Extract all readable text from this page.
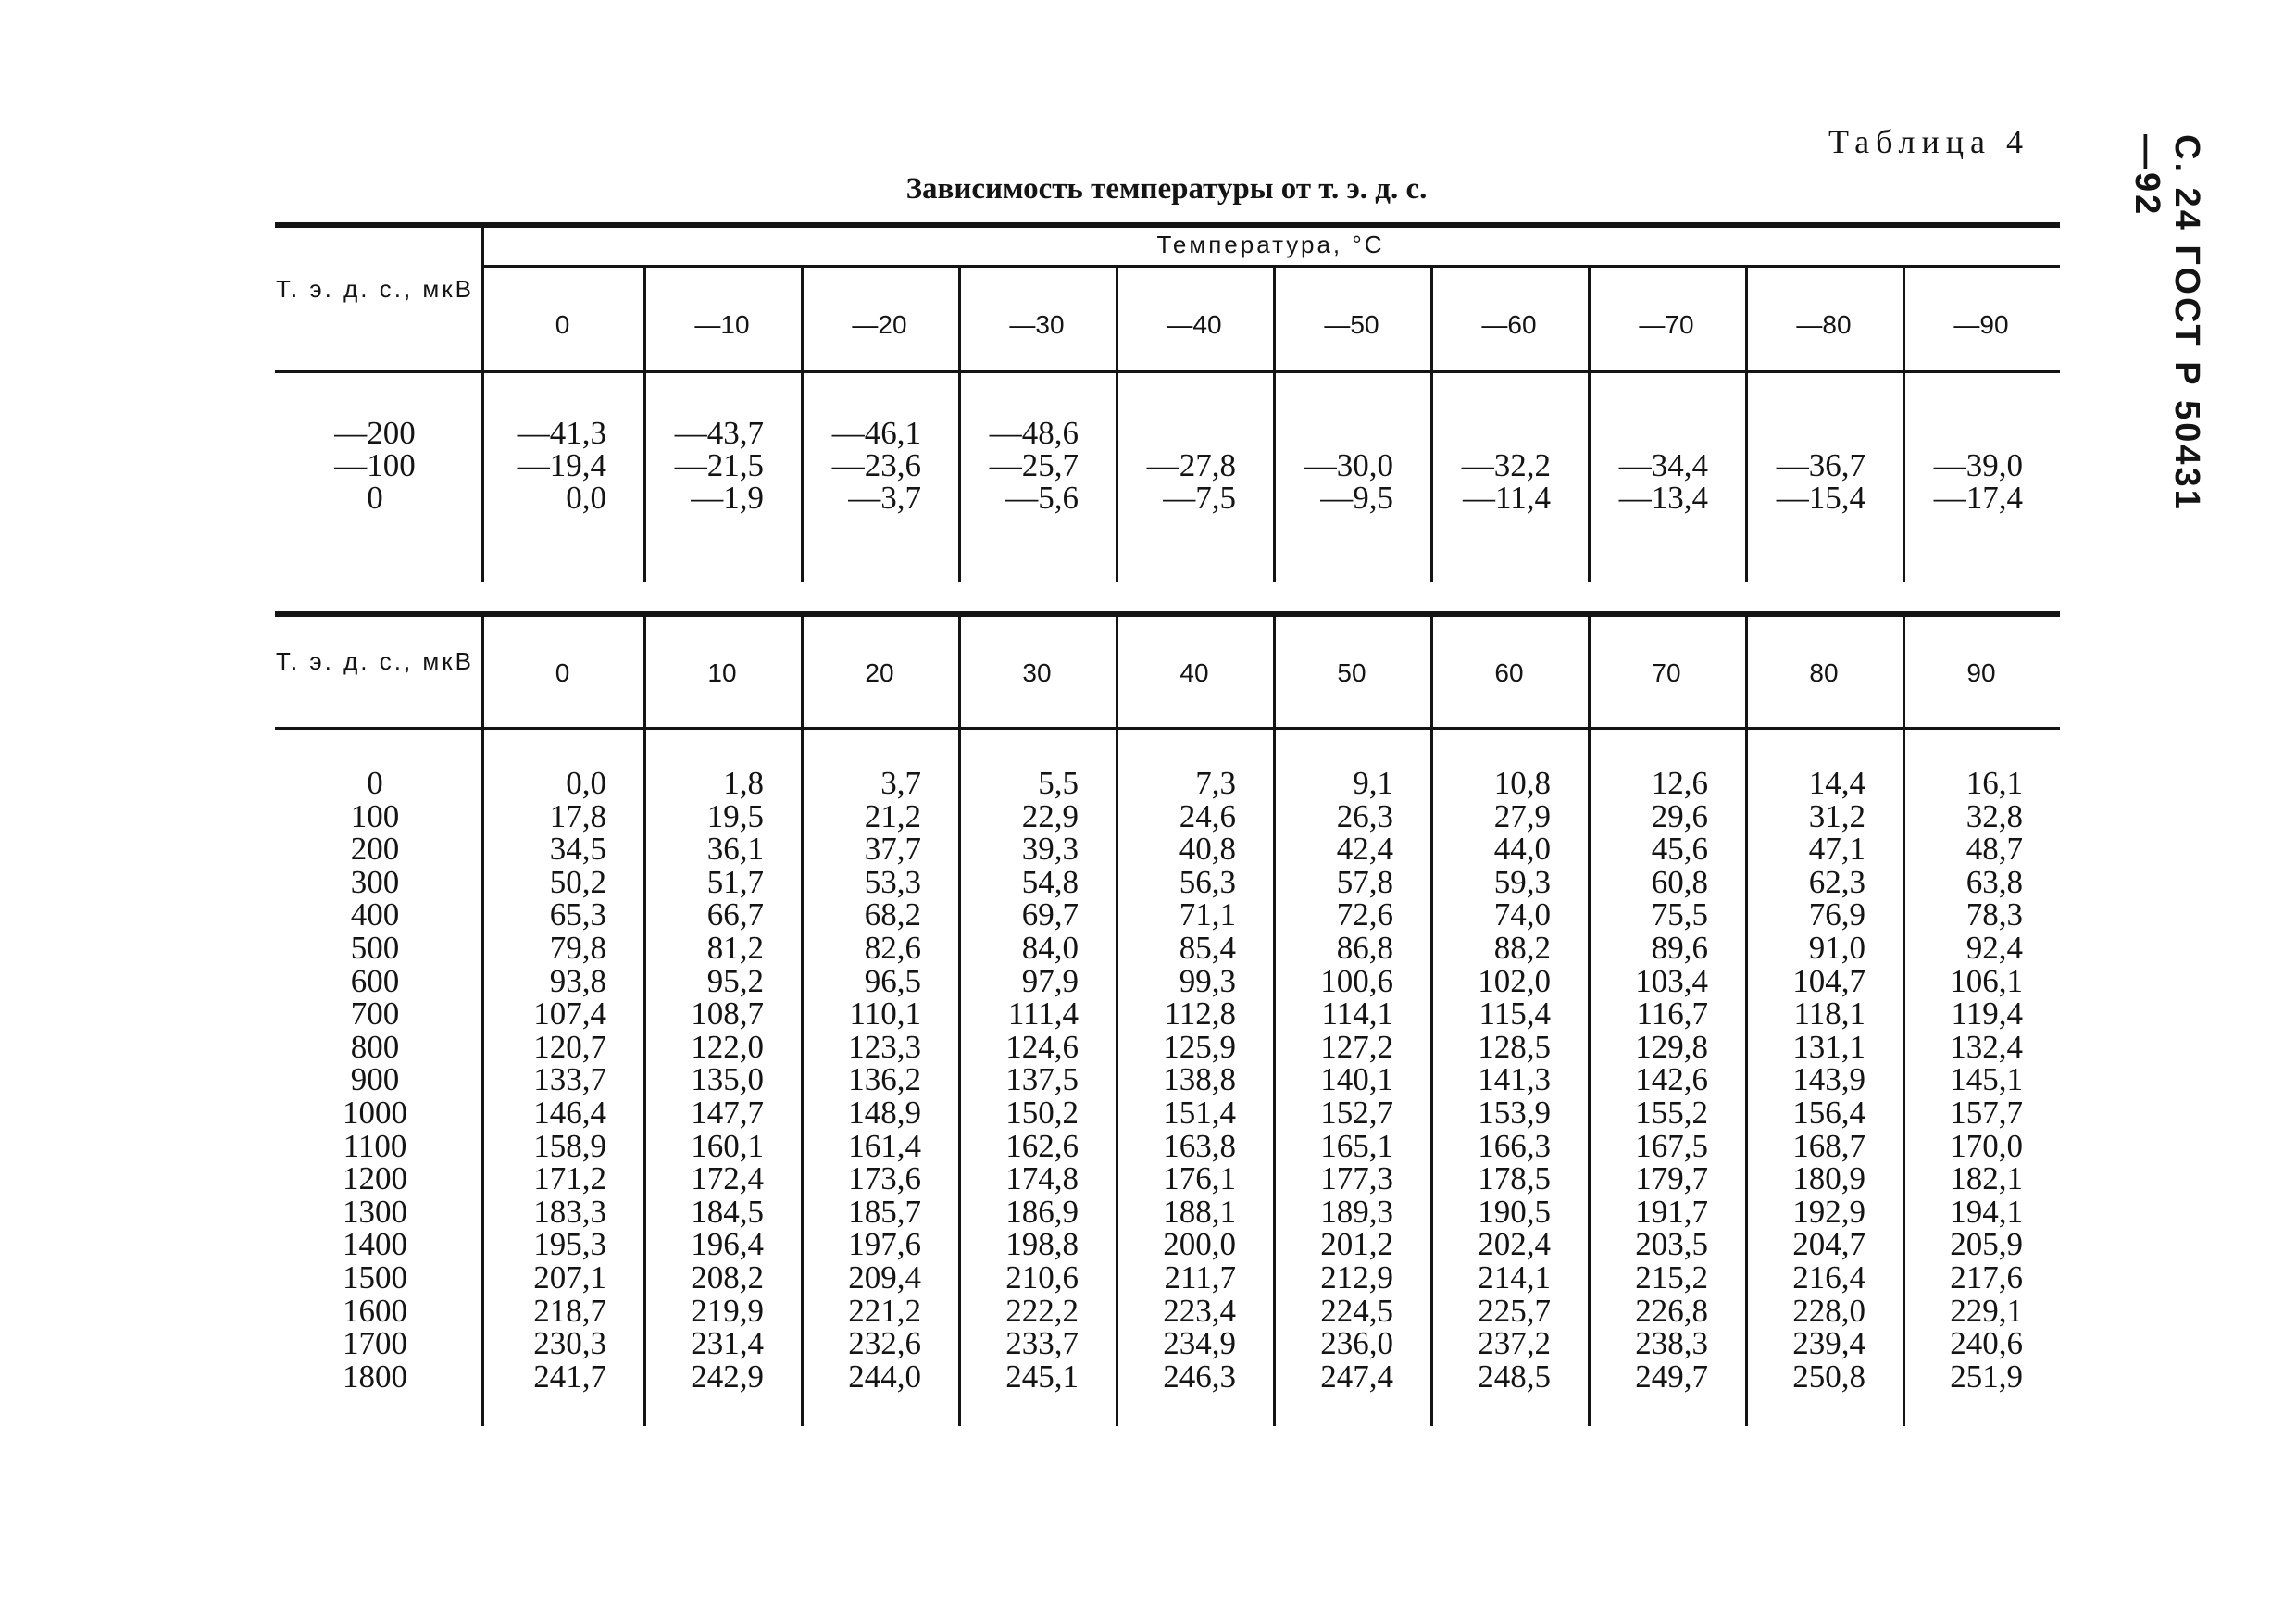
Таблица 4
Зависимость температуры от т. э. д. с.	С. 24 ГОСТ Р 50431—92
Температура, °С
Т. э. д. с., мкВ
0	—10	—20	—30	—40	—50	—60	—70	—80	—90
—200	—41,3	—43,7	—46,1	—48,6
—100	—19,4	—21,5	—23,6	—25,7	—27,8	—30,0	—32,2	—34,4	—36,7	—39,0
0	0,0	—1,9	—3,7	—5,6	—7,5	—9,5	—11,4	—13,4	—15,4	—17,4
Т. э. д. с., мкВ	0	10	20	30	40	50	60	70	80	90
0	0,0	1,8	3,7	5,5	7,3	9,1	10,8	12,6	14,4	16,1
100	17,8	19,5	21,2	22,9	24,6	26,3	27,9	29,6	31,2	32,8
200	34,5	36,1	37,7	39,3	40,8	42,4	44,0	45,6	47,1	48,7
300	50,2	51,7	53,3	54,8	56,3	57,8	59,3	60,8	62,3	63,8
400	65,3	66,7	68,2	69,7	71,1	72,6	74,0	75,5	76,9	78,3
500	79,8	81,2	82,6	84,0	85,4	86,8	88,2	89,6	91,0	92,4
600	93,8	95,2	96,5	97,9	99,3	100,6	102,0	103,4	104,7	106,1
700	107,4	108,7	110,1	111,4	112,8	114,1	115,4	116,7	118,1	119,4
800	120,7	122,0	123,3	124,6	125,9	127,2	128,5	129,8	131,1	132,4
900	133,7	135,0	136,2	137,5	138,8	140,1	141,3	142,6	143,9	145,1
1000	146,4	147,7	148,9	150,2	151,4	152,7	153,9	155,2	156,4	157,7
1100	158,9	160,1	161,4	162,6	163,8	165,1	166,3	167,5	168,7	170,0
1200	171,2	172,4	173,6	174,8	176,1	177,3	178,5	179,7	180,9	182,1
1300	183,3	184,5	185,7	186,9	188,1	189,3	190,5	191,7	192,9	194,1
1400	195,3	196,4	197,6	198,8	200,0	201,2	202,4	203,5	204,7	205,9
1500	207,1	208,2	209,4	210,6	211,7	212,9	214,1	215,2	216,4	217,6
1600	218,7	219,9	221,2	222,2	223,4	224,5	225,7	226,8	228,0	229,1
1700	230,3	231,4	232,6	233,7	234,9	236,0	237,2	238,3	239,4	240,6
1800	241,7	242,9	244,0	245,1	246,3	247,4	248,5	249,7	250,8	251,9
